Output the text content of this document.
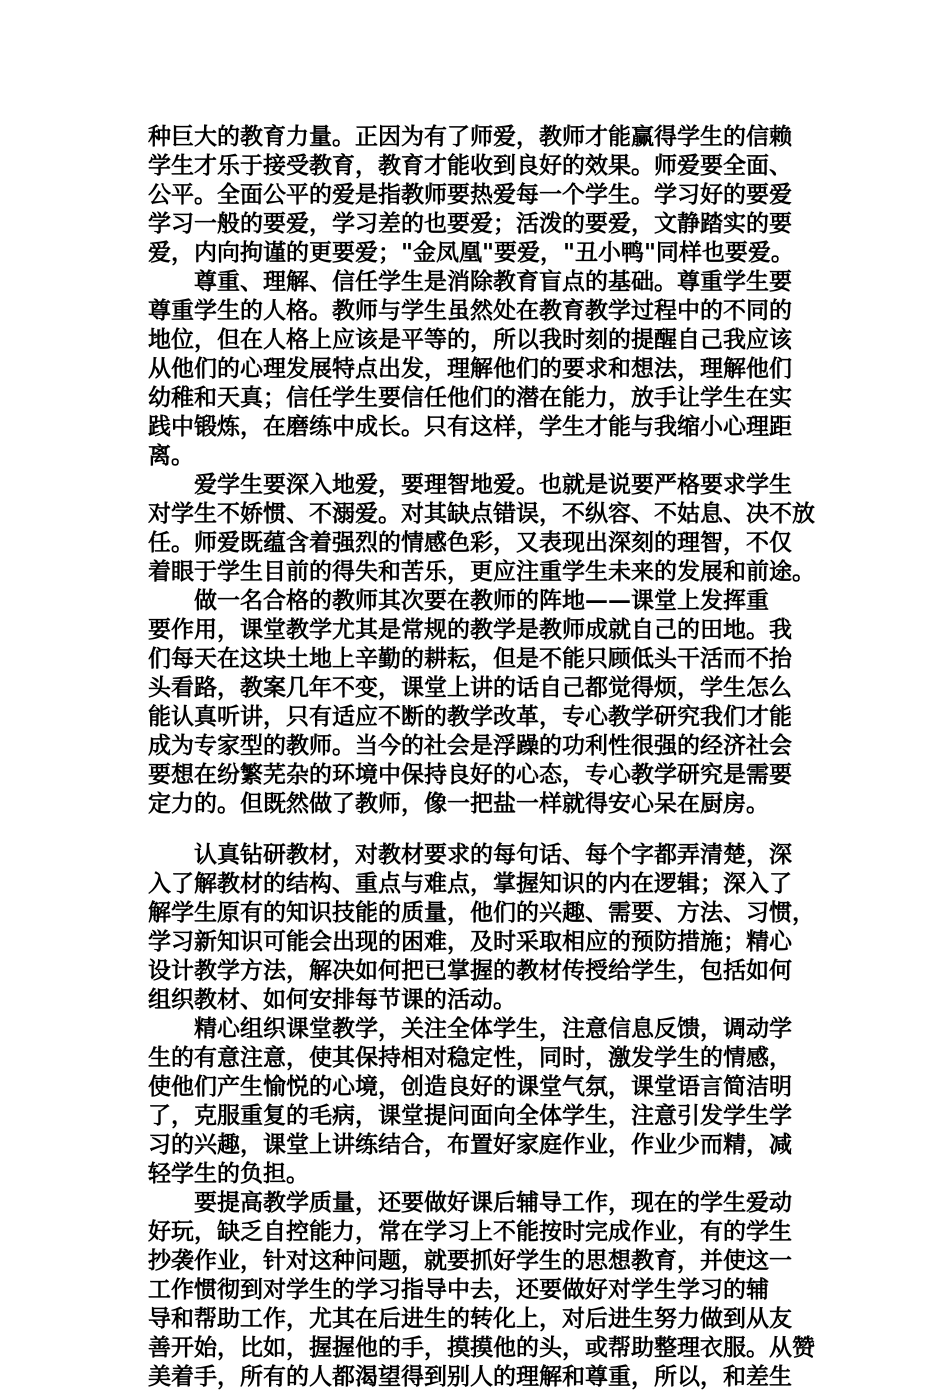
种巨大的教育力量。正因为有了师爱，教师才能赢得学生的信赖
学生才乐于接受教育，教育才能收到良好的效果。师爱要全面、
公平。全面公平的爱是指教师要热爱每一个学生。学习好的要爱
学习一般的要爱，学习差的也要爱；活泼的要爱，文静踏实的要
爱，内向拘谨的更要爱；"金凤凰"要爱，"丑小鸭"同样也要爱。
　　尊重、理解、信任学生是消除教育盲点的基础。尊重学生要
尊重学生的人格。教师与学生虽然处在教育教学过程中的不同的
地位，但在人格上应该是平等的，所以我时刻的提醒自己我应该
从他们的心理发展特点出发，理解他们的要求和想法，理解他们
幼稚和天真；信任学生要信任他们的潜在能力，放手让学生在实
践中锻炼，在磨练中成长。只有这样，学生才能与我缩小心理距
离。
　　爱学生要深入地爱，要理智地爱。也就是说要严格要求学生
对学生不娇惯、不溺爱。对其缺点错误，不纵容、不姑息、决不放
任。师爱既蕴含着强烈的情感色彩，又表现出深刻的理智，不仅
着眼于学生目前的得失和苦乐，更应注重学生未来的发展和前途。
　　做一名合格的教师其次要在教师的阵地——课堂上发挥重
要作用，课堂教学尤其是常规的教学是教师成就自己的田地。我
们每天在这块土地上辛勤的耕耘，但是不能只顾低头干活而不抬
头看路，教案几年不变，课堂上讲的话自己都觉得烦，学生怎么
能认真听讲，只有适应不断的教学改革，专心教学研究我们才能
成为专家型的教师。当今的社会是浮躁的功利性很强的经济社会
要想在纷繁芜杂的环境中保持良好的心态，专心教学研究是需要
定力的。但既然做了教师，像一把盐一样就得安心呆在厨房。
　　认真钻研教材，对教材要求的每句话、每个字都弄清楚，深
入了解教材的结构、重点与难点，掌握知识的内在逻辑；深入了
解学生原有的知识技能的质量，他们的兴趣、需要、方法、习惯，
学习新知识可能会出现的困难，及时采取相应的预防措施；精心
设计教学方法，解决如何把已掌握的教材传授给学生，包括如何
组织教材、如何安排每节课的活动。
　　精心组织课堂教学，关注全体学生，注意信息反馈，调动学
生的有意注意，使其保持相对稳定性，同时，激发学生的情感，
使他们产生愉悦的心境，创造良好的课堂气氛，课堂语言简洁明
了，克服重复的毛病，课堂提问面向全体学生，注意引发学生学
习的兴趣，课堂上讲练结合，布置好家庭作业，作业少而精，减
轻学生的负担。
　　要提高教学质量，还要做好课后辅导工作，现在的学生爱动
好玩，缺乏自控能力，常在学习上不能按时完成作业，有的学生
抄袭作业，针对这种问题，就要抓好学生的思想教育，并使这一
工作惯彻到对学生的学习指导中去，还要做好对学生学习的辅
导和帮助工作，尤其在后进生的转化上，对后进生努力做到从友
善开始，比如，握握他的手，摸摸他的头，或帮助整理衣服。从赞
美着手，所有的人都渴望得到别人的理解和尊重，所以，和差生
